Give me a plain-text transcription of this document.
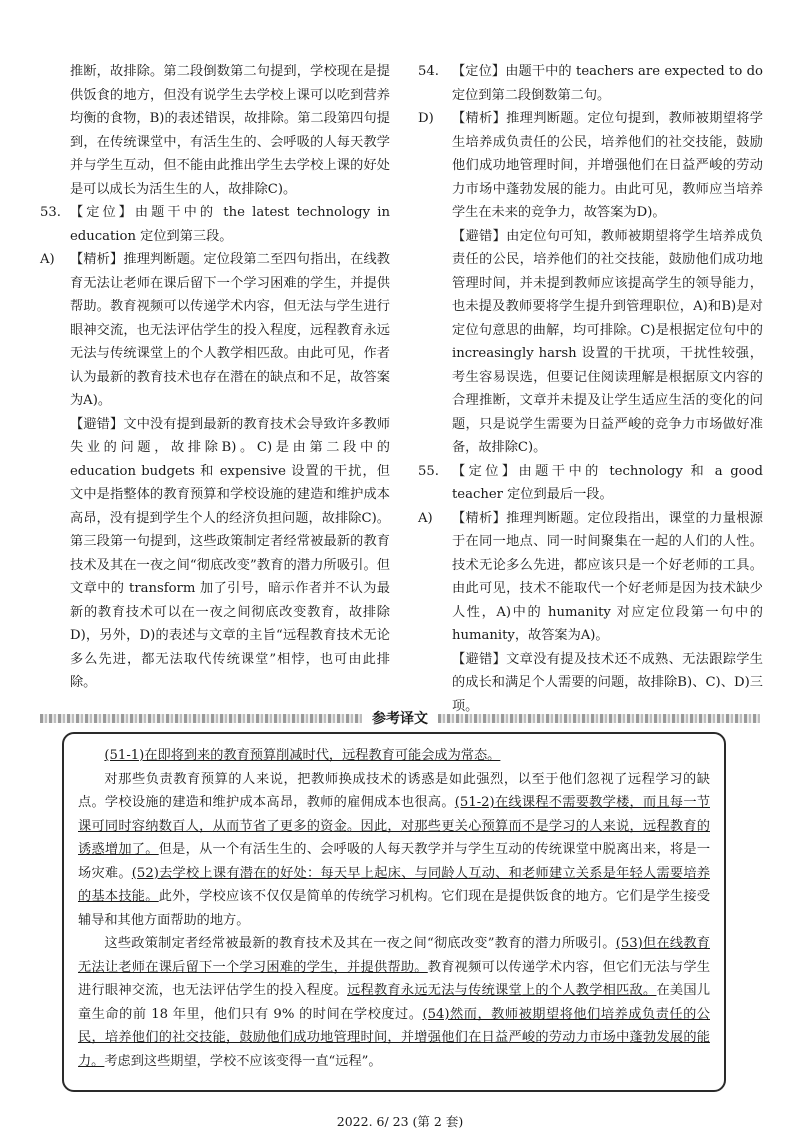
推断，故排除。第二段倒数第二句提到，学校现在是提供饭食的地方，但没有说学生去学校上课可以吃到营养均衡的食物，B)的表述错误，故排除。第二段第四句提到，在传统课堂中，有活生生的、会呼吸的人每天教学并与学生互动，但不能由此推出学生去学校上课的好处是可以成长为活生生的人，故排除C)。
53. 【定位】由题干中的 the latest technology in education 定位到第三段。
A)	【精析】推理判断题。定位段第二至四句指出，在线教育无法让老师在课后留下一个学习困难的学生，并提供帮助。教育视频可以传递学术内容，但无法与学生进行眼神交流，也无法评估学生的投入程度，远程教育永远无法与传统课堂上的个人教学相匹敌。由此可见，作者认为最新的教育技术也存在潜在的缺点和不足，故答案为A)。
【避错】文中没有提到最新的教育技术会导致许多教师失业的问题，故排除B)。C)是由第二段中的 education budgets 和 expensive 设置的干扰，但文中是指整体的教育预算和学校设施的建造和维护成本高昂，没有提到学生个人的经济负担问题，故排除C)。第三段第一句提到，这些政策制定者经常被最新的教育技术及其在一夜之间“彻底改变”教育的潜力所吸引。但文章中的 transform 加了引号，暗示作者并不认为最新的教育技术可以在一夜之间彻底改变教育，故排除D)，另外，D)的表述与文章的主旨“远程教育技术无论多么先进，都无法取代传统课堂”相悖，也可由此排除。
54. 【定位】由题干中的 teachers are expected to do 定位到第二段倒数第二句。
D)	【精析】推理判断题。定位句提到，教师被期望将学生培养成负责任的公民，培养他们的社交技能，鼓励他们成功地管理时间，并增强他们在日益严峻的劳动力市场中蓬勃发展的能力。由此可见，教师应当培养学生在未来的竞争力，故答案为D)。
【避错】由定位句可知，教师被期望将学生培养成负责任的公民，培养他们的社交技能，鼓励他们成功地管理时间，并未提到教师应该提高学生的领导能力，也未提及教师要将学生提升到管理职位，A)和B)是对定位句意思的曲解，均可排除。C)是根据定位句中的 increasingly harsh 设置的干扰项，干扰性较强，考生容易误选，但要记住阅读理解是根据原文内容的合理推断，文章并未提及让学生适应生活的变化的问题，只是说学生需要为日益严峻的竞争力市场做好准备，故排除C)。
55. 【定位】由题干中的 technology 和 a good teacher 定位到最后一段。
A)	【精析】推理判断题。定位段指出，课堂的力量根源于在同一地点、同一时间聚集在一起的人们的人性。技术无论多么先进，都应该只是一个好老师的工具。由此可见，技术不能取代一个好老师是因为技术缺少人性，A)中的 humanity 对应定位段第一句中的 humanity，故答案为A)。
【避错】文章没有提及技术还不成熟、无法跟踪学生的成长和满足个人需要的问题，故排除B)、C)、D)三项。
参考译文

(51-1)在即将到来的教育预算削减时代，远程教育可能会成为常态。

对那些负责教育预算的人来说，把教师换成技术的诱惑是如此强烈，以至于他们忽视了远程学习的缺点。学校设施的建造和维护成本高昂，教师的雇佣成本也很高。(51-2)在线课程不需要教学楼，而且每一节课可同时容纳数百人，从而节省了更多的资金。因此，对那些更关心预算而不是学习的人来说，远程教育的诱惑增加了。但是，从一个有活生生的、会呼吸的人每天教学并与学生互动的传统课堂中脱离出来，将是一场灾难。(52)去学校上课有潜在的好处：每天早上起床、与同龄人互动、和老师建立关系是年轻人需要培养的基本技能。此外，学校应该不仅仅是简单的传统学习机构。它们现在是提供饭食的地方。它们是学生接受辅导和其他方面帮助的地方。

这些政策制定者经常被最新的教育技术及其在一夜之间“彻底改变”教育的潜力所吸引。(53)但在线教育无法让老师在课后留下一个学习困难的学生，并提供帮助。教育视频可以传递学术内容，但它们无法与学生进行眼神交流，也无法评估学生的投入程度。远程教育永远无法与传统课堂上的个人教学相匹敌。在美国儿童生命的前 18 年里，他们只有 9% 的时间在学校度过。(54)然而，教师被期望将他们培养成负责任的公民，培养他们的社交技能，鼓励他们成功地管理时间，并增强他们在日益严峻的劳动力市场中蓬勃发展的能力。考虑到这些期望，学校不应该变得一直“远程”。

2022. 6/ 23 (第 2 套)
